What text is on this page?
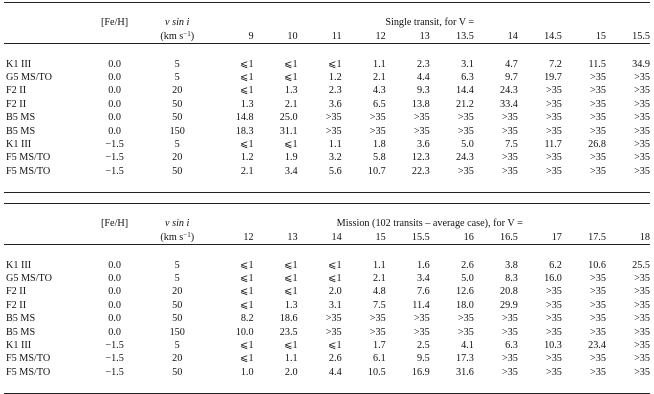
	[Fe/H]	v sin i	Single transit, for V =									
		(km $s^{-1}$)	9	10	11	12	13	13.5	14	14.5	15	15.5

K1 III	0.0	5	⩽1	⩽1	⩽1	1.1	2.3	3.1	4.7	7.2	11.5	34.9
G5 MS/TO	0.0	5	⩽1	⩽1	1.2	2.1	4.4	6.3	9.7	19.7	>35	>35
F2 II	0.0	20	⩽1	1.3	2.3	4.3	9.3	14.4	24.3	>35	>35	>35
F2 II	0.0	50	1.3	2.1	3.6	6.5	13.8	21.2	33.4	>35	>35	>35
B5 MS	0.0	50	14.8	25.0	>35	>35	>35	>35	>35	>35	>35	>35
B5 MS	0.0	150	18.3	31.1	>35	>35	>35	>35	>35	>35	>35	>35
K1 III	−1.5	5	⩽1	⩽1	1.1	1.8	3.6	5.0	7.5	11.7	26.8	>35
F5 MS/TO	−1.5	20	1.2	1.9	3.2	5.8	12.3	24.3	>35	>35	>35	>35
F5 MS/TO	−1.5	50	2.1	3.4	5.6	10.7	22.3	>35	>35	>35	>35	>35

	[Fe/H]	v sin i	Mission (102 transits – average case), for V =									
		(km $s^{-1}$)	12	13	14	15	15.5	16	16.5	17	17.5	18

K1 III	0.0	5	⩽1	⩽1	⩽1	1.1	1.6	2.6	3.8	6.2	10.6	25.5
G5 MS/TO	0.0	5	⩽1	⩽1	⩽1	2.1	3.4	5.0	8.3	16.0	>35	>35
F2 II	0.0	20	⩽1	⩽1	2.0	4.8	7.6	12.6	20.8	>35	>35	>35
F2 II	0.0	50	⩽1	1.3	3.1	7.5	11.4	18.0	29.9	>35	>35	>35
B5 MS	0.0	50	8.2	18.6	>35	>35	>35	>35	>35	>35	>35	>35
B5 MS	0.0	150	10.0	23.5	>35	>35	>35	>35	>35	>35	>35	>35
K1 III	−1.5	5	⩽1	⩽1	⩽1	1.7	2.5	4.1	6.3	10.3	23.4	>35
F5 MS/TO	−1.5	20	⩽1	1.1	2.6	6.1	9.5	17.3	>35	>35	>35	>35
F5 MS/TO	−1.5	50	1.0	2.0	4.4	10.5	16.9	31.6	>35	>35	>35	>35
